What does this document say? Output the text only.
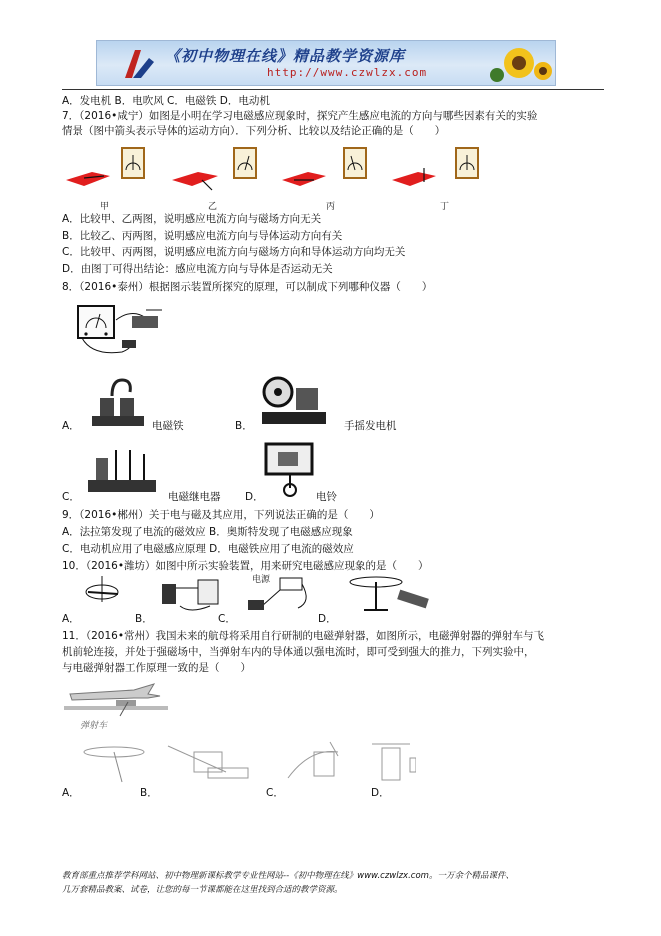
《初中物理在线》精品教学资源库
http://www.czwlzx.com
A．发电机 B．电吹风 C．电磁铁 D．电动机
7．（2016•咸宁）如图是小明在学习电磁感应现象时，探究产生感应电流的方向与哪些因素有关的实验
情景（图中箭头表示导体的运动方向）．下列分析、比较以及结论正确的是（　　）
甲	乙	丙	丁
A．比较甲、乙两图，说明感应电流方向与磁场方向无关
B．比较乙、丙两图，说明感应电流方向与导体运动方向有关
C．比较甲、丙两图，说明感应电流方向与磁场方向和导体运动方向均无关
D．由图丁可得出结论：感应电流方向与导体是否运动无关
8．（2016•泰州）根据图示装置所探究的原理，可以制成下列哪种仪器（　　）
A．	电磁铁	B．	手摇发电机
C．	电磁继电器 D．	电铃
9．（2016•郴州）关于电与磁及其应用，下列说法正确的是（　　）
A．法拉第发现了电流的磁效应 B．奥斯特发现了电磁感应现象
C．电动机应用了电磁感应原理 D．电磁铁应用了电流的磁效应
10．（2016•潍坊）如图中所示实验装置，用来研究电磁感应现象的是（　　）
电源
A．	B．	C．	D．
11．（2016•常州）我国未来的航母将采用自行研制的电磁弹射器，如图所示，电磁弹射器的弹射车与飞
机前轮连接，并处于强磁场中，当弹射车内的导体通以强电流时，即可受到强大的推力，下列实验中，
与电磁弹射器工作原理一致的是（　　）
弹射车
A．	B．	C．	D．
教育部重点推荐学科网站、初中物理新课标教学专业性网站--《初中物理在线》www.czwlzx.com。一万余个精品课件、
几万套精品教案、试卷，让您的每一节课都能在这里找到合适的教学资源。
